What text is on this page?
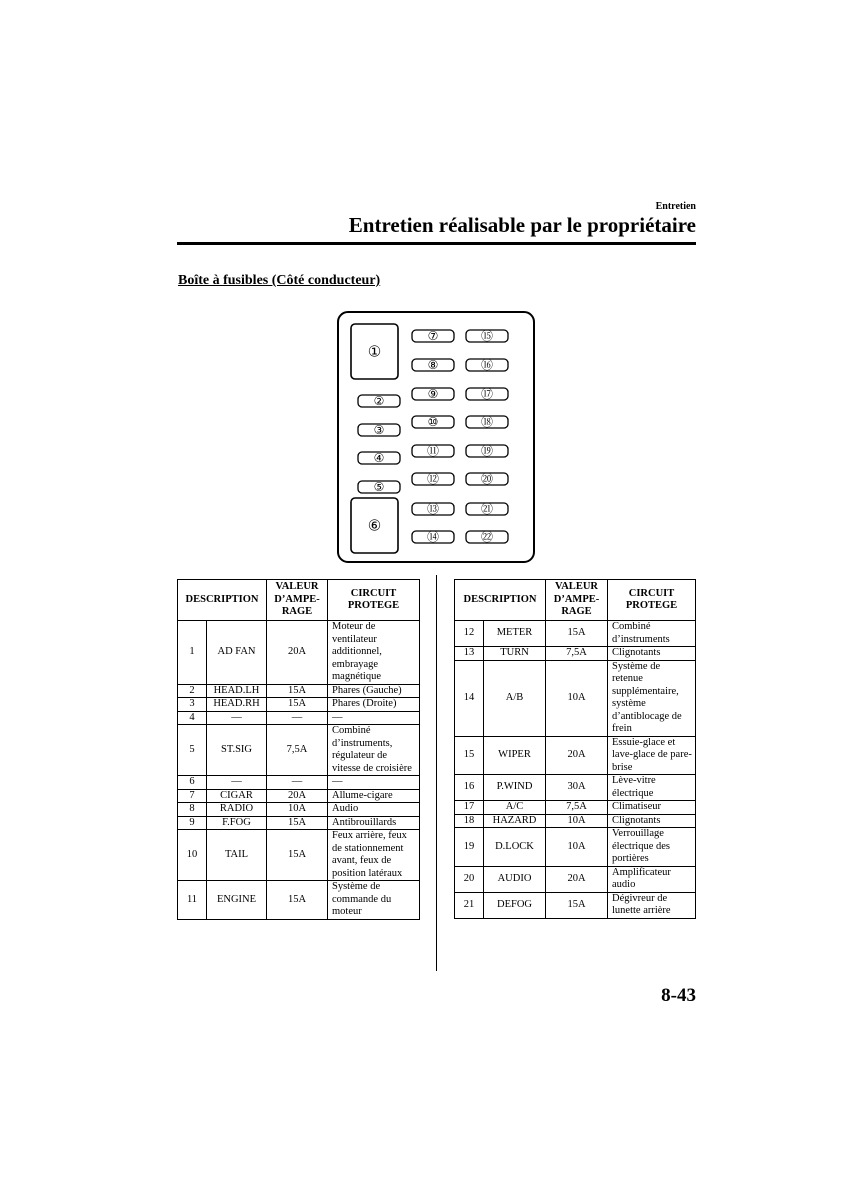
Entretien
Entretien réalisable par le propriétaire
Boîte à fusibles (Côté conducteur)
①
⑥
②
③
④
⑤
⑦
⑧
⑨
⑩
⑪
⑫
⑬
⑭
⑮
⑯
⑰
⑱
⑲
⑳
㉑
㉒
DESCRIPTION		VALEUR
D’AMPE-
RAGE	CIRCUIT
PROTEGE
1	AD FAN	20A	Moteur de ventilateur additionnel, embrayage magnétique
2	HEAD.LH	15A	Phares (Gauche)
3	HEAD.RH	15A	Phares (Droite)
4	—	—	—
5	ST.SIG	7,5A	Combiné d’instruments, régulateur de vitesse de croisière
6	—	—	—
7	CIGAR	20A	Allume-cigare
8	RADIO	10A	Audio
9	F.FOG	15A	Antibrouillards
10	TAIL	15A	Feux arrière, feux de stationnement avant, feux de position latéraux
11	ENGINE	15A	Système de commande du moteur
DESCRIPTION		VALEUR
D’AMPE-
RAGE	CIRCUIT
PROTEGE
12	METER	15A	Combiné d’instruments
13	TURN	7,5A	Clignotants
14	A/B	10A	Système de retenue supplémentaire, système d’antiblocage de frein
15	WIPER	20A	Essuie-glace et lave-glace de pare-brise
16	P.WIND	30A	Lève-vitre électrique
17	A/C	7,5A	Climatiseur
18	HAZARD	10A	Clignotants
19	D.LOCK	10A	Verrouillage électrique des portières
20	AUDIO	20A	Amplificateur audio
21	DEFOG	15A	Dégivreur de lunette arrière
8-43
